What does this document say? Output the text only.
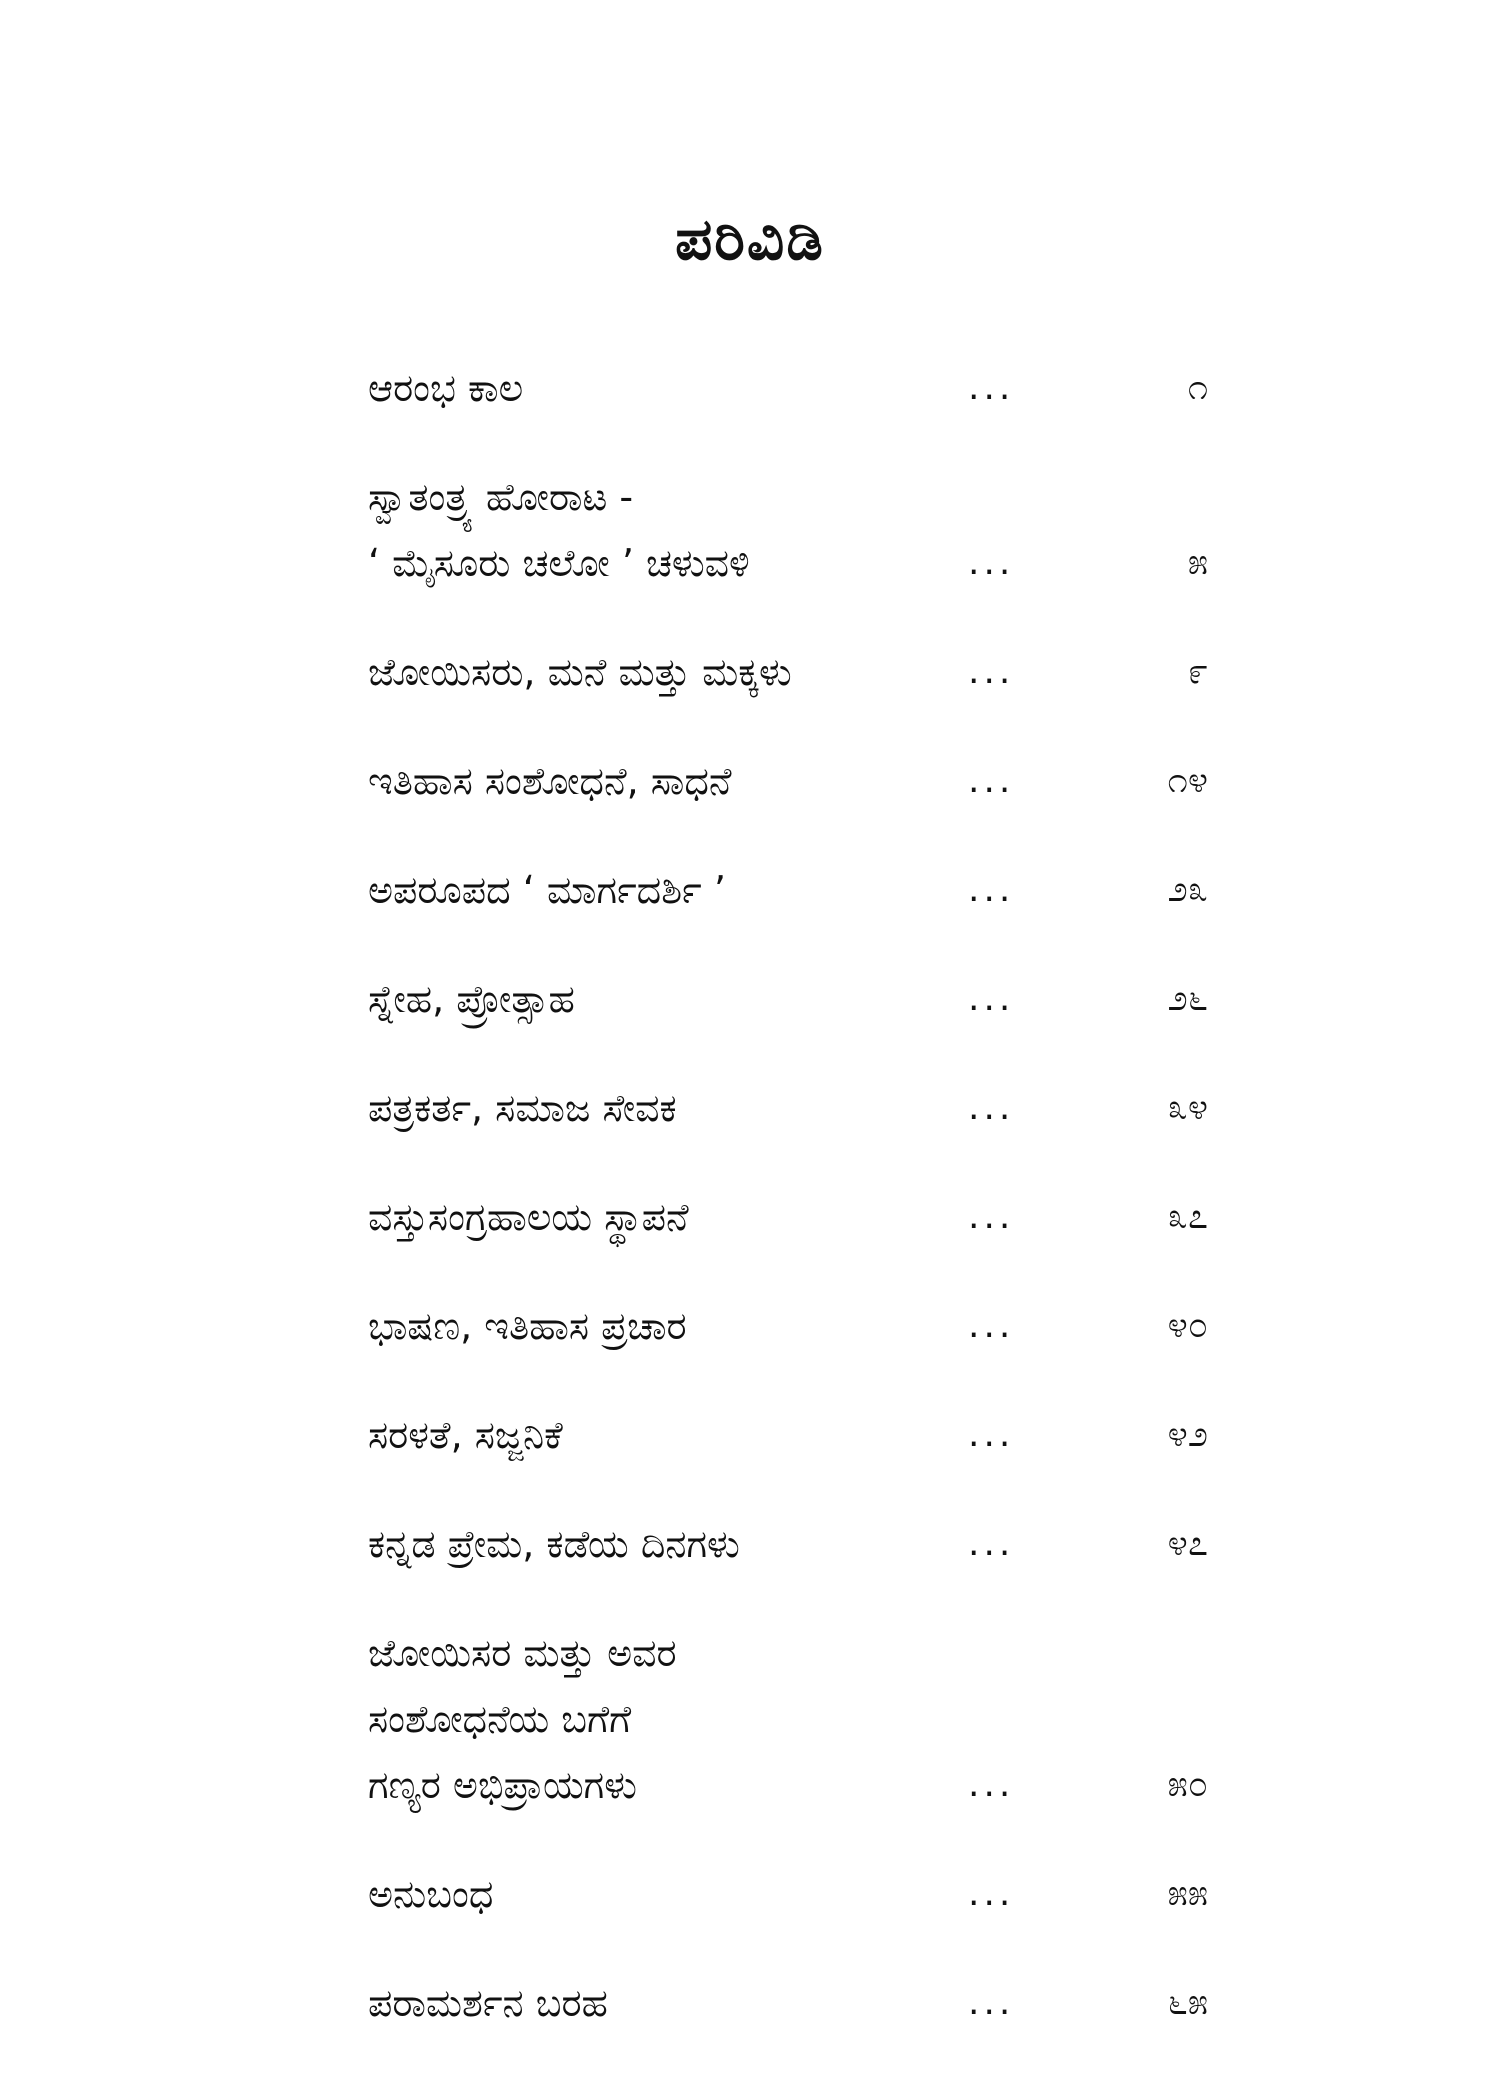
ಪರಿವಿಡಿ
ಆರಂಭ ಕಾಲ	...	೧
ಸ್ವಾತಂತ್ರ್ಯ ಹೋರಾಟ -
‘ ಮೈಸೂರು ಚಲೋ ’ ಚಳುವಳಿ	...	೫
ಜೋಯಿಸರು, ಮನೆ ಮತ್ತು ಮಕ್ಕಳು	...	೯
ಇತಿಹಾಸ ಸಂಶೋಧನೆ, ಸಾಧನೆ	...	೧೪
ಅಪರೂಪದ ‘ ಮಾರ್ಗದರ್ಶಿ ’	...	೨೩
ಸ್ನೇಹ, ಪ್ರೋತ್ಸಾಹ	...	೨೬
ಪತ್ರಕರ್ತ, ಸಮಾಜ ಸೇವಕ	...	೩೪
ವಸ್ತುಸಂಗ್ರಹಾಲಯ ಸ್ಥಾಪನೆ	...	೩೭
ಭಾಷಣ, ಇತಿಹಾಸ ಪ್ರಚಾರ	...	೪೦
ಸರಳತೆ, ಸಜ್ಜನಿಕೆ	...	೪೨
ಕನ್ನಡ ಪ್ರೇಮ, ಕಡೆಯ ದಿನಗಳು	...	೪೭
ಜೋಯಿಸರ ಮತ್ತು ಅವರ
ಸಂಶೋಧನೆಯ ಬಗೆಗೆ
ಗಣ್ಯರ ಅಭಿಪ್ರಾಯಗಳು	...	೫೦
ಅನುಬಂಧ	...	೫೫
ಪರಾಮರ್ಶನ ಬರಹ	...	೬೫
